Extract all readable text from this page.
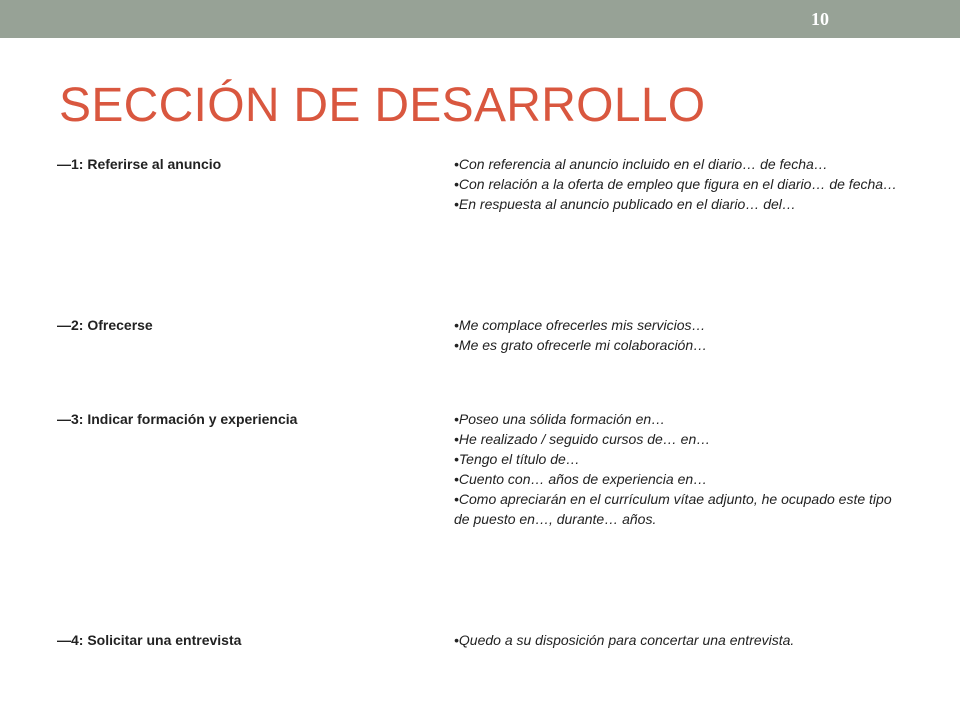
10
SECCIÓN DE DESARROLLO
—1: Referirse al anuncio	•Con referencia al anuncio incluido en el diario… de fecha…
•Con relación a la oferta de empleo que figura en el diario… de fecha…
•En respuesta al anuncio publicado en el diario… del…
—2: Ofrecerse	•Me complace ofrecerles mis servicios…
•Me es grato ofrecerle mi colaboración…
—3: Indicar formación y experiencia	•Poseo una sólida formación en…
•He realizado / seguido cursos de… en…
•Tengo el título de…
•Cuento con… años de experiencia en…
•Como apreciarán en el currículum vítae adjunto, he ocupado este tipo de puesto en…, durante… años.
—4: Solicitar una entrevista	•Quedo a su disposición para concertar una entrevista.
